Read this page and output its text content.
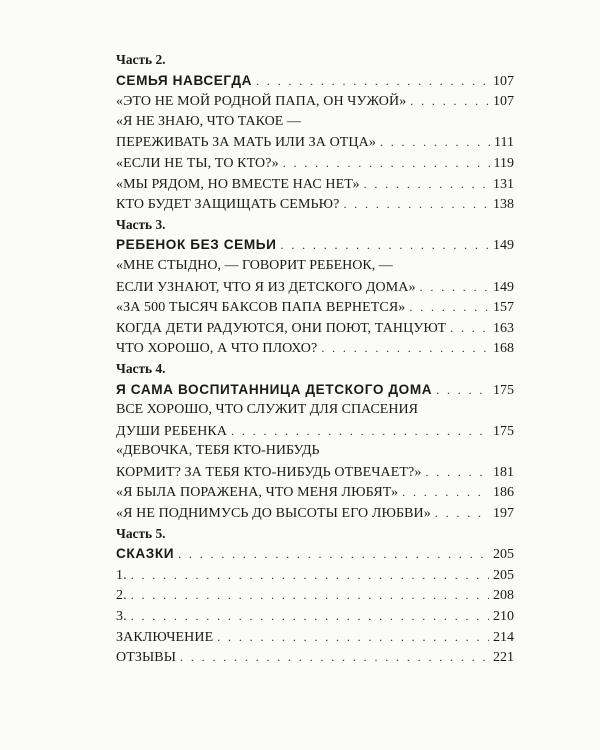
Часть 2.
СЕМЬЯ НАВСЕГДА . . .	107
«ЭТО НЕ МОЙ РОДНОЙ ПАПА, ОН ЧУЖОЙ» . . .	107
«Я НЕ ЗНАЮ, ЧТО ТАКОЕ —
ПЕРЕЖИВАТЬ ЗА МАТЬ ИЛИ ЗА ОТЦА» . . .	111
«ЕСЛИ НЕ ТЫ, ТО КТО?» . . .	119
«МЫ РЯДОМ, НО ВМЕСТЕ НАС НЕТ» . . .	131
КТО БУДЕТ ЗАЩИЩАТЬ СЕМЬЮ? . . .	138
Часть 3.
РЕБЕНОК БЕЗ СЕМЬИ . . .	149
«МНЕ СТЫДНО, — ГОВОРИТ РЕБЕНОК, —
ЕСЛИ УЗНАЮТ, ЧТО Я ИЗ ДЕТСКОГО ДОМА» . . .	149
«ЗА 500 ТЫСЯЧ БАКСОВ ПАПА ВЕРНЕТСЯ» . . .	157
КОГДА ДЕТИ РАДУЮТСЯ, ОНИ ПОЮТ, ТАНЦУЮТ . . .	163
ЧТО ХОРОШО, А ЧТО ПЛОХО? . . .	168
Часть 4.
Я САМА ВОСПИТАННИЦА ДЕТСКОГО ДОМА . . .	175
ВСЕ ХОРОШО, ЧТО СЛУЖИТ ДЛЯ СПАСЕНИЯ
ДУШИ РЕБЕНКА . . .	175
«ДЕВОЧКА, ТЕБЯ КТО-НИБУДЬ
КОРМИТ? ЗА ТЕБЯ КТО-НИБУДЬ ОТВЕЧАЕТ?» . . .	181
«Я БЫЛА ПОРАЖЕНА, ЧТО МЕНЯ ЛЮБЯТ» . . .	186
«Я НЕ ПОДНИМУСЬ ДО ВЫСОТЫ ЕГО ЛЮБВИ» . . .	197
Часть 5.
СКАЗКИ . . .	205
1. . . .	205
2. . . .	208
3. . . .	210
ЗАКЛЮЧЕНИЕ . . .	214
ОТЗЫВЫ . . .	221
